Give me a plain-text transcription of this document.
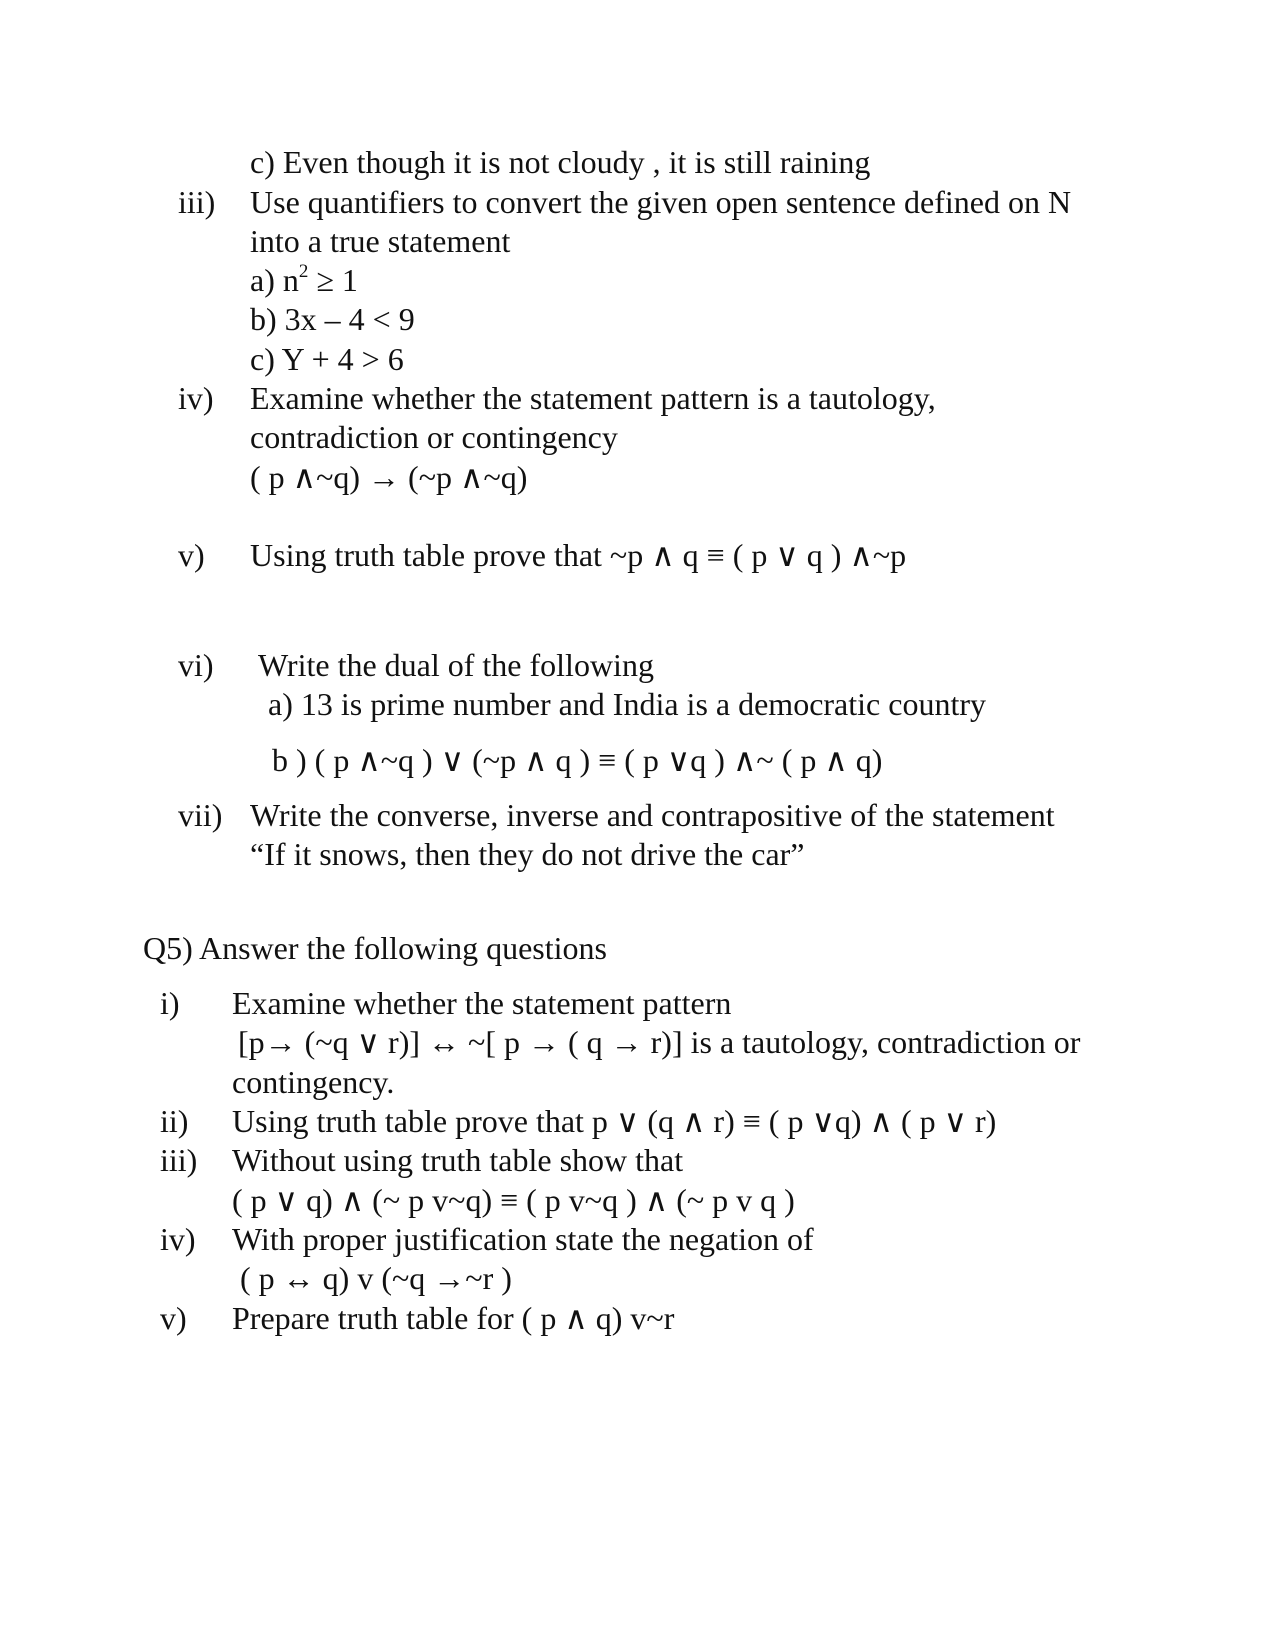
c) Even though it is not cloudy , it is still raining
iii) Use quantifiers to convert the given open sentence defined on N
into a true statement
a) $n^2 \ge 1$
b) 3x – 4 < 9
c) Y + 4 > 6
iv) Examine whether the statement pattern is a tautology,
contradiction or contingency
( p ∧~q) → (~p ∧~q)
v) Using truth table prove that ~p ∧ q ≡ ( p ∨ q ) ∧~p
vi) Write the dual of the following
a) 13 is prime number and India is a democratic country
b ) ( p ∧~q ) ∨ (~p ∧ q ) ≡ ( p ∨q ) ∧~ ( p ∧ q)
vii) Write the converse, inverse and contrapositive of the statement
“If it snows, then they do not drive the car”
Q5) Answer the following questions
i) Examine whether the statement pattern
[p→ (~q ∨ r)] ↔ ~[ p → ( q → r)] is a tautology, contradiction or
contingency.
ii) Using truth table prove that p ∨ (q ∧ r) ≡ ( p ∨q) ∧ ( p ∨ r)
iii) Without using truth table show that
( p ∨ q) ∧ (~ p v~q) ≡ ( p v~q ) ∧ (~ p v q )
iv) With proper justification state the negation of
( p ↔ q) v (~q →~r )
v) Prepare truth table for ( p ∧ q) v~r
